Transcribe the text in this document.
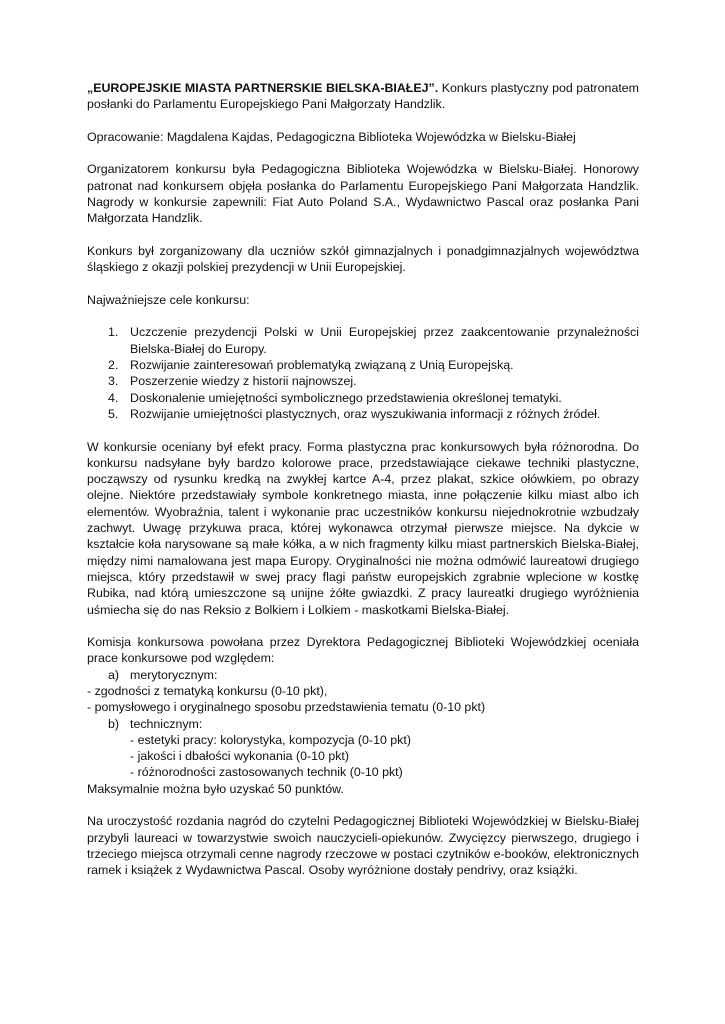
„EUROPEJSKIE MIASTA PARTNERSKIE BIELSKA-BIAŁEJ”. Konkurs plastyczny pod patronatem posłanki do Parlamentu Europejskiego Pani Małgorzaty Handzlik.

Opracowanie: Magdalena Kajdas, Pedagogiczna Biblioteka Wojewódzka w Bielsku-Białej

Organizatorem konkursu była Pedagogiczna Biblioteka Wojewódzka w Bielsku-Białej. Honorowy patronat nad konkursem objęła posłanka do Parlamentu Europejskiego Pani Małgorzata Handzlik. Nagrody w konkursie zapewnili: Fiat Auto Poland S.A., Wydawnictwo Pascal oraz posłanka Pani Małgorzata Handzlik.

Konkurs był zorganizowany dla uczniów szkół gimnazjalnych i ponadgimnazjalnych województwa śląskiego z okazji polskiej prezydencji w Unii Europejskiej.

Najważniejsze cele konkursu:

1. Uczczenie prezydencji Polski w Unii Europejskiej przez zaakcentowanie przynależności Bielska-Białej do Europy.
2. Rozwijanie zainteresowań problematyką związaną z Unią Europejską.
3. Poszerzenie wiedzy z historii najnowszej.
4. Doskonalenie umiejętności symbolicznego przedstawienia określonej tematyki.
5. Rozwijanie umiejętności plastycznych, oraz wyszukiwania informacji z różnych źródeł.

W konkursie oceniany był efekt pracy. Forma plastyczna prac konkursowych była różnorodna. Do konkursu nadsyłane były bardzo kolorowe prace, przedstawiające ciekawe techniki plastyczne, począwszy od rysunku kredką na zwykłej kartce A-4, przez plakat, szkice ołówkiem, po obrazy olejne. Niektóre przedstawiały symbole konkretnego miasta, inne połączenie kilku miast albo ich elementów. Wyobraźnia, talent i wykonanie prac uczestników konkursu niejednokrotnie wzbudzały zachwyt. Uwagę przykuwa praca, której wykonawca otrzymał pierwsze miejsce. Na dykcie w kształcie koła narysowane są małe kółka, a w nich fragmenty kilku miast partnerskich Bielska-Białej, między nimi namalowana jest mapa Europy. Oryginalności nie można odmówić laureatowi drugiego miejsca, który przedstawił w swej pracy flagi państw europejskich zgrabnie wplecione w kostkę Rubika, nad którą umieszczone są unijne żółte gwiazdki. Z pracy laureatki drugiego wyróżnienia uśmiecha się do nas Reksio z Bolkiem i Lolkiem - maskotkami Bielska-Białej.

Komisja konkursowa powołana przez Dyrektora Pedagogicznej Biblioteki Wojewódzkiej oceniała prace konkursowe pod względem:
a) merytorycznym:
- zgodności z tematyką konkursu (0-10 pkt),
- pomysłowego i oryginalnego sposobu przedstawienia tematu (0-10 pkt)
b) technicznym:
- estetyki pracy: kolorystyka, kompozycja (0-10 pkt)
- jakości i dbałości wykonania (0-10 pkt)
- różnorodności zastosowanych technik (0-10 pkt)
Maksymalnie można było uzyskać 50 punktów.

Na uroczystość rozdania nagród do czytelni Pedagogicznej Biblioteki Wojewódzkiej w Bielsku-Białej przybyli laureaci w towarzystwie swoich nauczycieli-opiekunów. Zwycięzcy pierwszego, drugiego i trzeciego miejsca otrzymali cenne nagrody rzeczowe w postaci czytników e-booków, elektronicznych ramek i książek z Wydawnictwa Pascal. Osoby wyróżnione dostały pendrivy, oraz książki.
